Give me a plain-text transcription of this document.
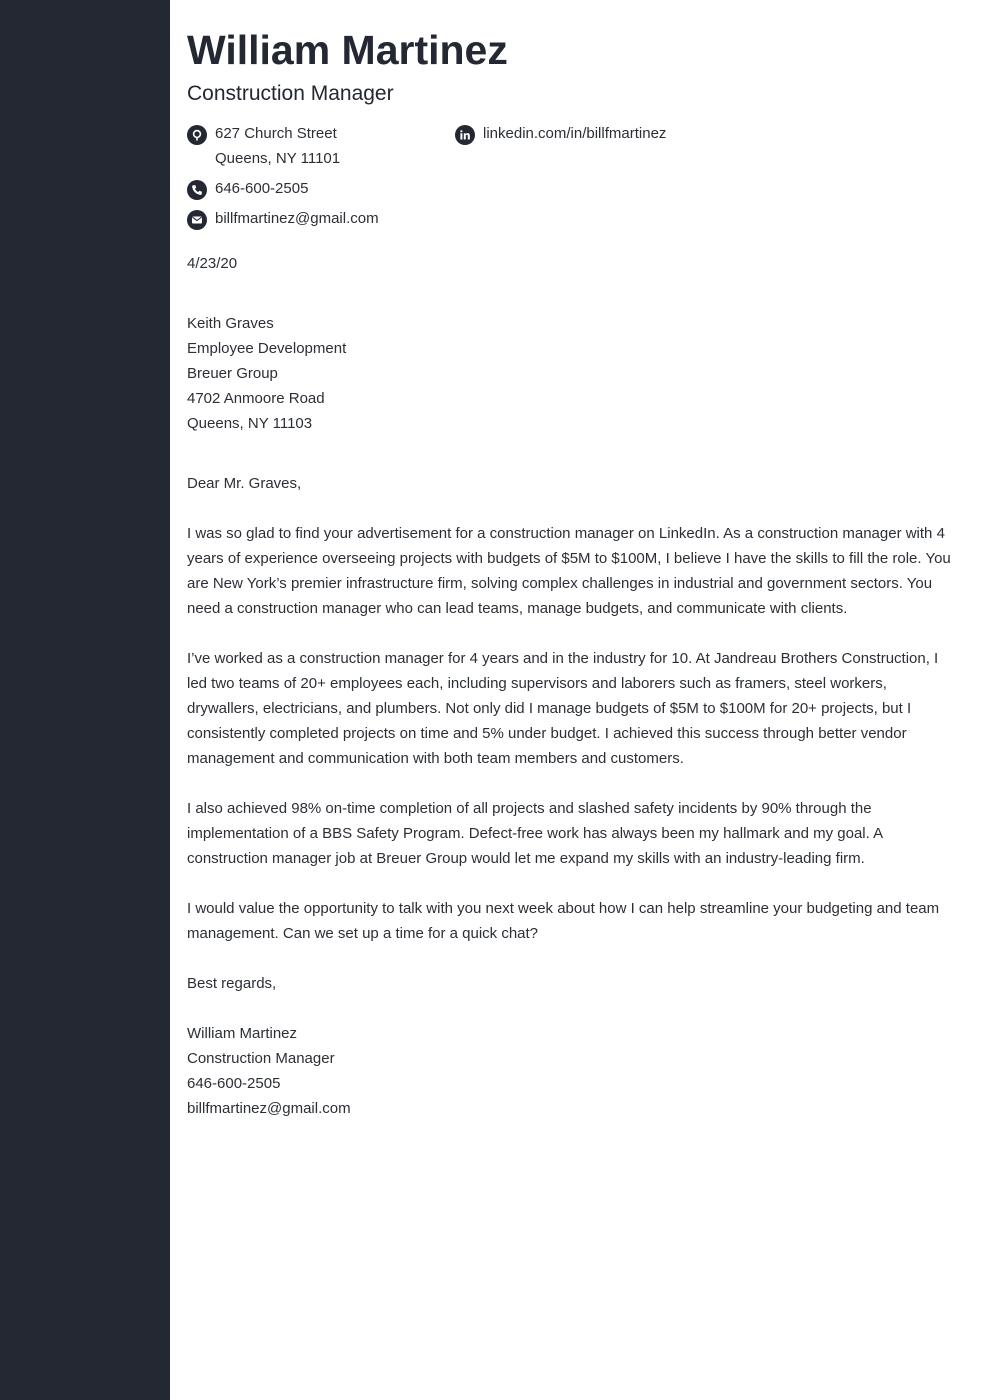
William Martinez
Construction Manager
627 Church Street
Queens, NY 11101
646-600-2505
billfmartinez@gmail.com
linkedin.com/in/billfmartinez
4/23/20
Keith Graves
Employee Development
Breuer Group
4702 Anmoore Road
Queens, NY 11103
Dear Mr. Graves,

I was so glad to find your advertisement for a construction manager on LinkedIn. As a construction manager with 4 years of experience overseeing projects with budgets of $5M to $100M, I believe I have the skills to fill the role. You are New York’s premier infrastructure firm, solving complex challenges in industrial and government sectors. You need a construction manager who can lead teams, manage budgets, and communicate with clients.

I’ve worked as a construction manager for 4 years and in the industry for 10. At Jandreau Brothers Construction, I led two teams of 20+ employees each, including supervisors and laborers such as framers, steel workers, drywallers, electricians, and plumbers. Not only did I manage budgets of $5M to $100M for 20+ projects, but I consistently completed projects on time and 5% under budget. I achieved this success through better vendor management and communication with both team members and customers.

I also achieved 98% on-time completion of all projects and slashed safety incidents by 90% through the implementation of a BBS Safety Program. Defect-free work has always been my hallmark and my goal. A construction manager job at Breuer Group would let me expand my skills with an industry-leading firm.

I would value the opportunity to talk with you next week about how I can help streamline your budgeting and team management. Can we set up a time for a quick chat?

Best regards,
William Martinez
Construction Manager
646-600-2505
billfmartinez@gmail.com
